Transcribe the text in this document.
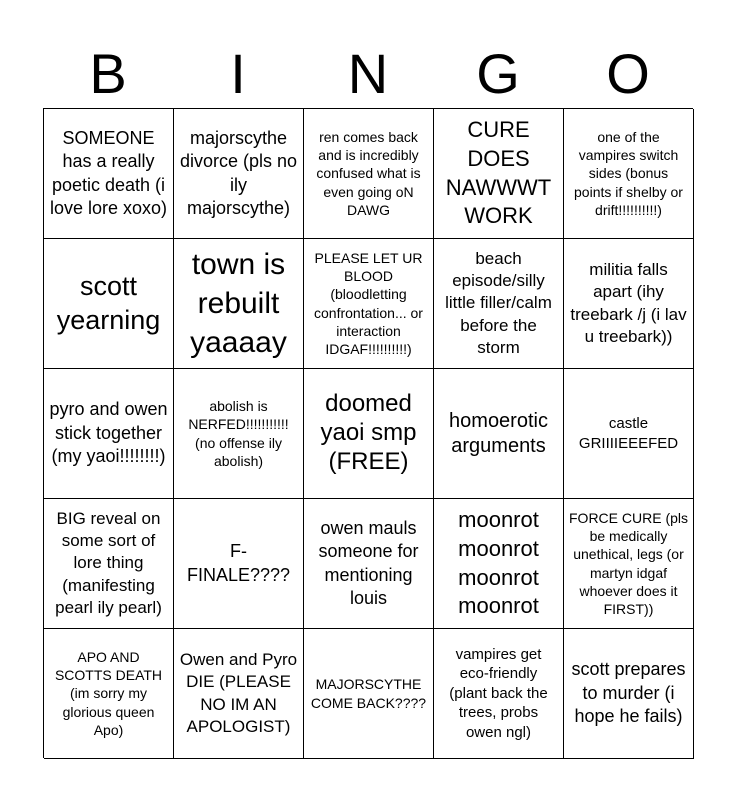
B	I	N	G	O
SOMEONE has a really poetic death (i love lore xoxo)
majorscythe divorce (pls no ily majorscythe)
ren comes back and is incredibly confused what is even going oN DAWG
CURE DOES NAWWWT WORK
one of the vampires switch sides (bonus points if shelby or drift!!!!!!!!!!)
scott yearning
town is rebuilt yaaaay
PLEASE LET UR BLOOD (bloodletting confrontation... or interaction IDGAF!!!!!!!!!!)
beach episode/silly little filler/calm before the storm
militia falls apart (ihy treebark /j (i lav u treebark))
pyro and owen stick together (my yaoi!!!!!!!!)
abolish is NERFED!!!!!!!!!!! (no offense ily abolish)
doomed yaoi smp (FREE)
homoerotic arguments
castle GRIIIIEEEFED
BIG reveal on some sort of lore thing (manifesting pearl ily pearl)
F-FINALE????
owen mauls someone for mentioning louis
moonrot moonrot moonrot moonrot
FORCE CURE (pls be medically unethical, legs (or martyn idgaf whoever does it FIRST))
APO AND SCOTTS DEATH (im sorry my glorious queen Apo)
Owen and Pyro DIE (PLEASE NO IM AN APOLOGIST)
MAJORSCYTHE COME BACK????
vampires get eco-friendly (plant back the trees, probs owen ngl)
scott prepares to murder (i hope he fails)
